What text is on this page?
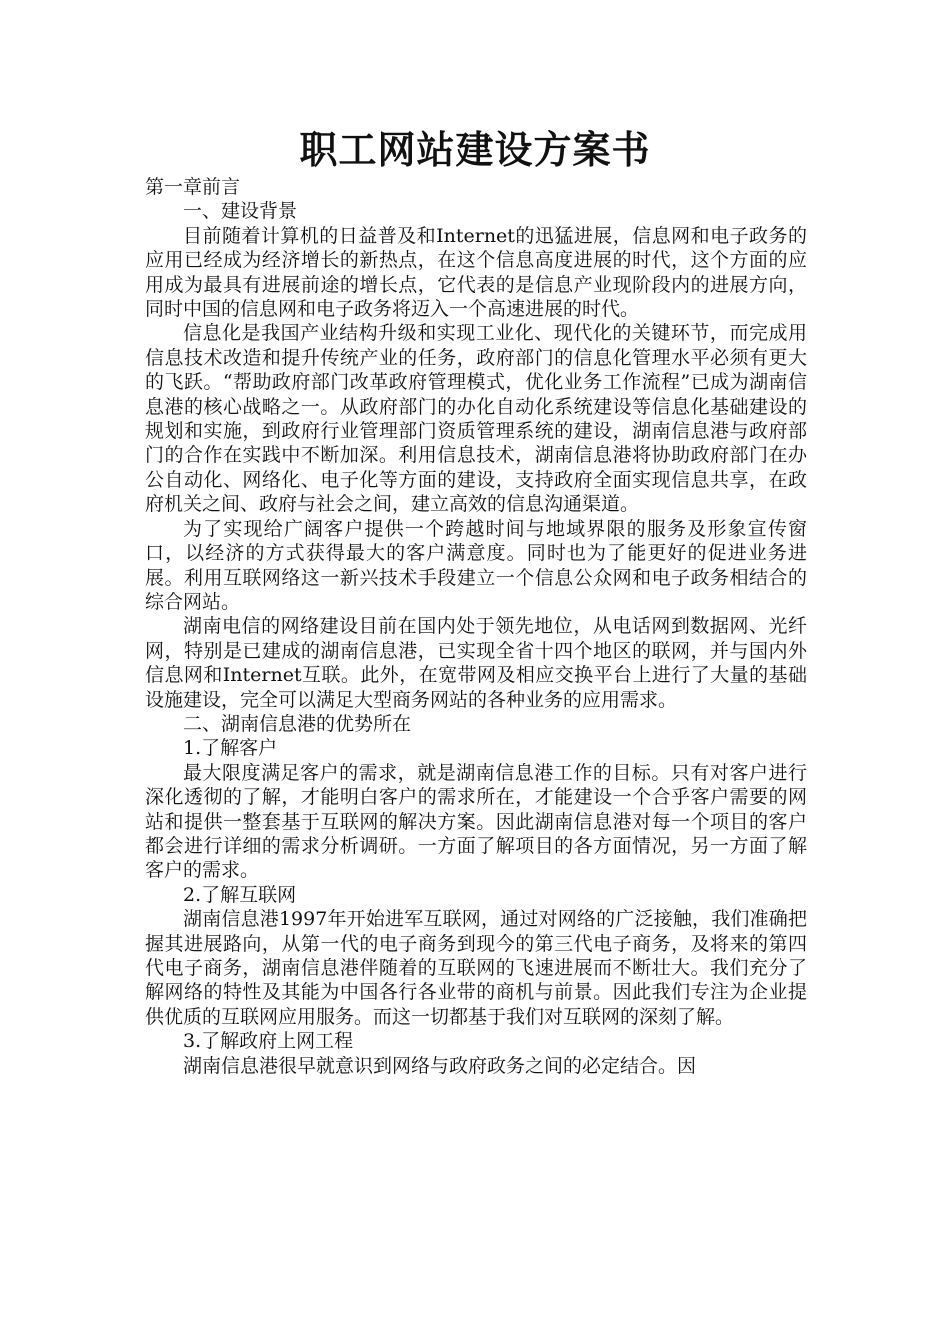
职工网站建设方案书

第一章前言

一、建设背景

目前随着计算机的日益普及和Internet的迅猛进展，信息网和电子政务的应用已经成为经济增长的新热点，在这个信息高度进展的时代，这个方面的应用成为最具有进展前途的增长点，它代表的是信息产业现阶段内的进展方向，同时中国的信息网和电子政务将迈入一个高速进展的时代。

信息化是我国产业结构升级和实现工业化、现代化的关键环节，而完成用信息技术改造和提升传统产业的任务，政府部门的信息化管理水平必须有更大的飞跃。“帮助政府部门改革政府管理模式，优化业务工作流程”已成为湖南信息港的核心战略之一。从政府部门的办化自动化系统建设等信息化基础建设的规划和实施，到政府行业管理部门资质管理系统的建设，湖南信息港与政府部门的合作在实践中不断加深。利用信息技术，湖南信息港将协助政府部门在办公自动化、网络化、电子化等方面的建设，支持政府全面实现信息共享，在政府机关之间、政府与社会之间，建立高效的信息沟通渠道。

为了实现给广阔客户提供一个跨越时间与地域界限的服务及形象宣传窗口，以经济的方式获得最大的客户满意度。同时也为了能更好的促进业务进展。利用互联网络这一新兴技术手段建立一个信息公众网和电子政务相结合的综合网站。

湖南电信的网络建设目前在国内处于领先地位，从电话网到数据网、光纤网，特别是已建成的湖南信息港，已实现全省十四个地区的联网，并与国内外信息网和Internet互联。此外，在宽带网及相应交换平台上进行了大量的基础设施建设，完全可以满足大型商务网站的各种业务的应用需求。

二、湖南信息港的优势所在

1.了解客户

最大限度满足客户的需求，就是湖南信息港工作的目标。只有对客户进行深化透彻的了解，才能明白客户的需求所在，才能建设一个合乎客户需要的网站和提供一整套基于互联网的解决方案。因此湖南信息港对每一个项目的客户都会进行详细的需求分析调研。一方面了解项目的各方面情况，另一方面了解客户的需求。

2.了解互联网

湖南信息港1997年开始进军互联网，通过对网络的广泛接触，我们准确把握其进展路向，从第一代的电子商务到现今的第三代电子商务，及将来的第四代电子商务，湖南信息港伴随着的互联网的飞速进展而不断壮大。我们充分了解网络的特性及其能为中国各行各业带的商机与前景。因此我们专注为企业提供优质的互联网应用服务。而这一切都基于我们对互联网的深刻了解。

3.了解政府上网工程

湖南信息港很早就意识到网络与政府政务之间的必定结合。因
